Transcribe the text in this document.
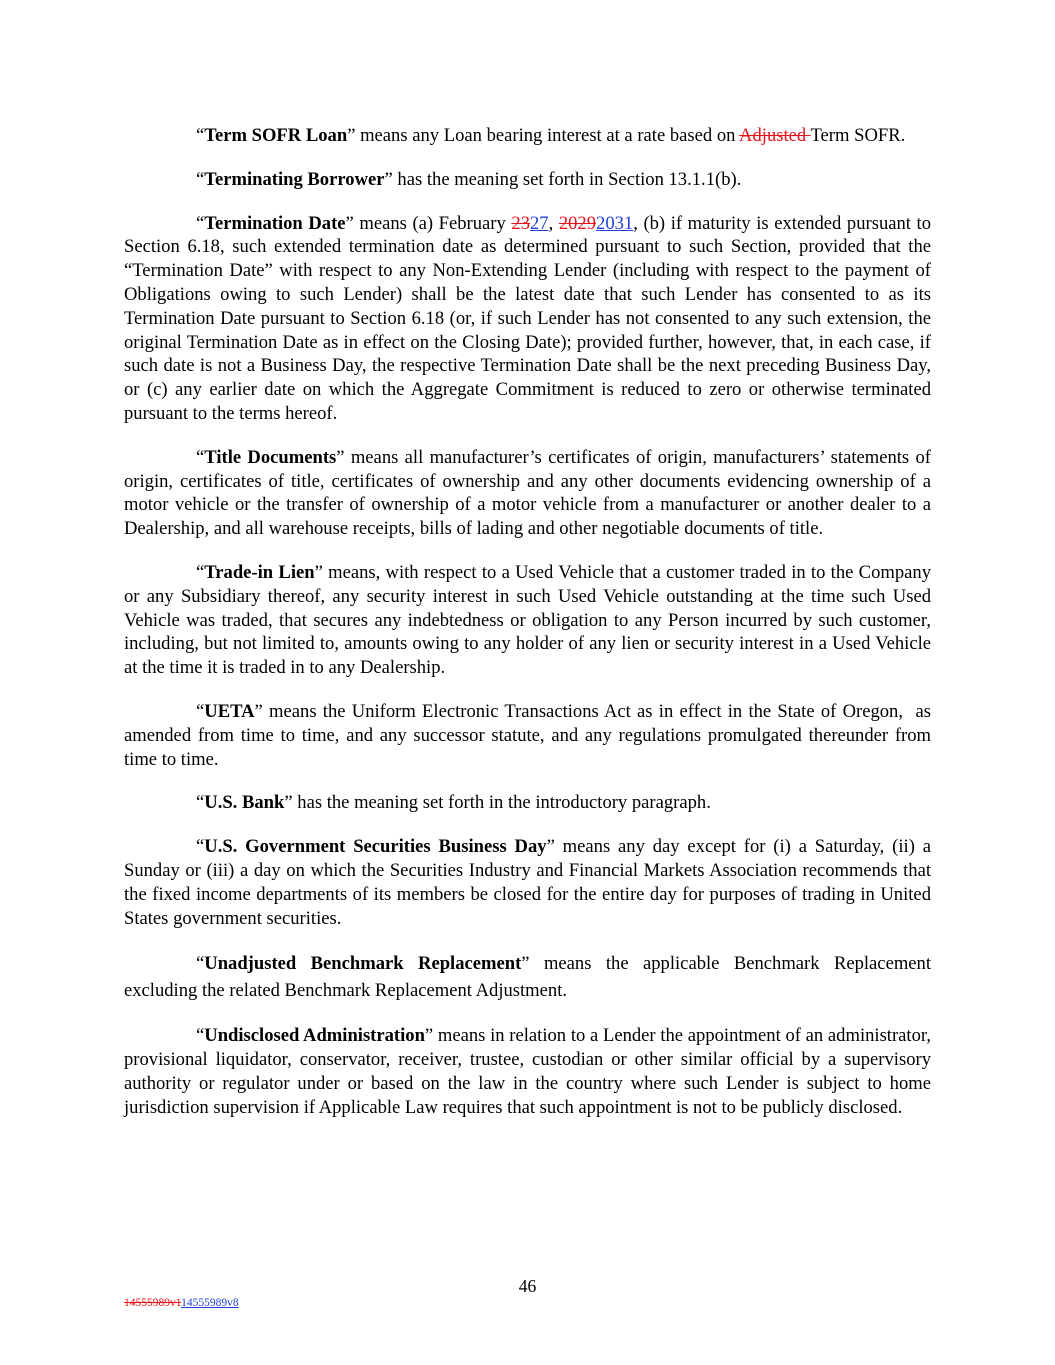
“Term SOFR Loan” means any Loan bearing interest at a rate based on Adjusted Term SOFR.

“Terminating Borrower” has the meaning set forth in Section 13.1.1(b).

“Termination Date” means (a) February 2327, 20292031, (b) if maturity is extended pursuant to Section 6.18, such extended termination date as determined pursuant to such Section, provided that the “Termination Date” with respect to any Non-Extending Lender (including with respect to the payment of Obligations owing to such Lender) shall be the latest date that such Lender has consented to as its Termination Date pursuant to Section 6.18 (or, if such Lender has not consented to any such extension, the original Termination Date as in effect on the Closing Date); provided further, however, that, in each case, if such date is not a Business Day, the respective Termination Date shall be the next preceding Business Day, or (c) any earlier date on which the Aggregate Commitment is reduced to zero or otherwise terminated pursuant to the terms hereof.

“Title Documents” means all manufacturer’s certificates of origin, manufacturers’ statements of origin, certificates of title, certificates of ownership and any other documents evidencing ownership of a motor vehicle or the transfer of ownership of a motor vehicle from a manufacturer or another dealer to a Dealership, and all warehouse receipts, bills of lading and other negotiable documents of title.

“Trade-in Lien” means, with respect to a Used Vehicle that a customer traded in to the Company or any Subsidiary thereof, any security interest in such Used Vehicle outstanding at the time such Used Vehicle was traded, that secures any indebtedness or obligation to any Person incurred by such customer, including, but not limited to, amounts owing to any holder of any lien or security interest in a Used Vehicle at the time it is traded in to any Dealership.

“UETA” means the Uniform Electronic Transactions Act as in effect in the State of Oregon,  as amended from time to time, and any successor statute, and any regulations promulgated thereunder from time to time.

“U.S. Bank” has the meaning set forth in the introductory paragraph.

“U.S. Government Securities Business Day” means any day except for (i) a Saturday, (ii) a Sunday or (iii) a day on which the Securities Industry and Financial Markets Association recommends that the fixed income departments of its members be closed for the entire day for purposes of trading in United States government securities.

“Unadjusted Benchmark Replacement” means the applicable Benchmark Replacement excluding the related Benchmark Replacement Adjustment.

“Undisclosed Administration” means in relation to a Lender the appointment of an administrator, provisional liquidator, conservator, receiver, trustee, custodian or other similar official by a supervisory authority or regulator under or based on the law in the country where such Lender is subject to home jurisdiction supervision if Applicable Law requires that such appointment is not to be publicly disclosed.

46
14555989v114555989v8
